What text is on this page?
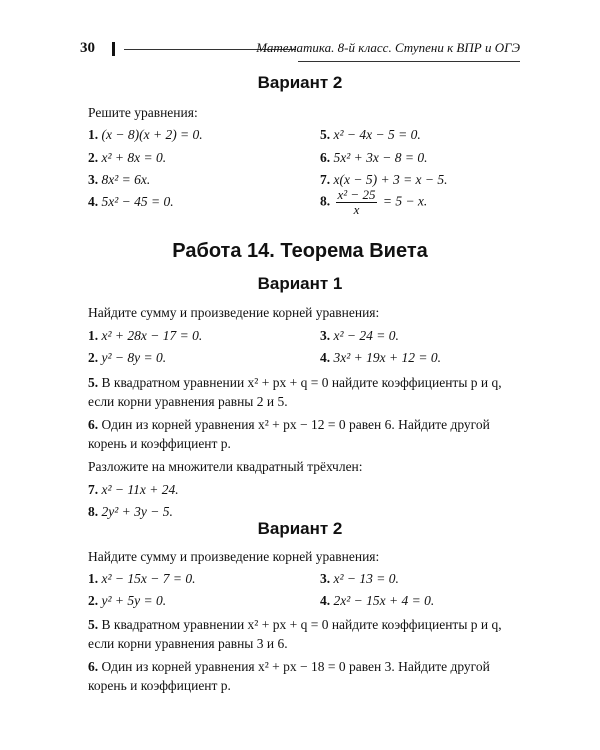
30	Математика. 8-й класс. Ступени к ВПР и ОГЭ
Вариант 2
Решите уравнения:
1. (x − 8)(x + 2) = 0.
2. x² + 8x = 0.
3. 8x² = 6x.
4. 5x² − 45 = 0.
5. x² − 4x − 5 = 0.
6. 5x² + 3x − 8 = 0.
7. x(x − 5) + 3 = x − 5.
8. $\frac{\text{x² − 25}}{x} = 5 - x$.
Работа 14. Теорема Виета
Вариант 1
Найдите сумму и произведение корней уравнения:
1. x² + 28x − 17 = 0.
2. y² − 8y = 0.
3. x² − 24 = 0.
4. 3x² + 19x + 12 = 0.
5. В квадратном уравнении x² + px + q = 0 найдите коэффициенты p и q, если корни уравнения равны 2 и 5.
6. Один из корней уравнения x² + px − 12 = 0 равен 6. Найдите другой корень и коэффициент p.
Разложите на множители квадратный трёхчлен:
7. x² − 11x + 24.
8. 2y² + 3y − 5.
Вариант 2
Найдите сумму и произведение корней уравнения:
1. x² − 15x − 7 = 0.
2. y² + 5y = 0.
3. x² − 13 = 0.
4. 2x² − 15x + 4 = 0.
5. В квадратном уравнении x² + px + q = 0 найдите коэффициенты p и q, если корни уравнения равны 3 и 6.
6. Один из корней уравнения x² + px − 18 = 0 равен 3. Найдите другой корень и коэффициент p.
